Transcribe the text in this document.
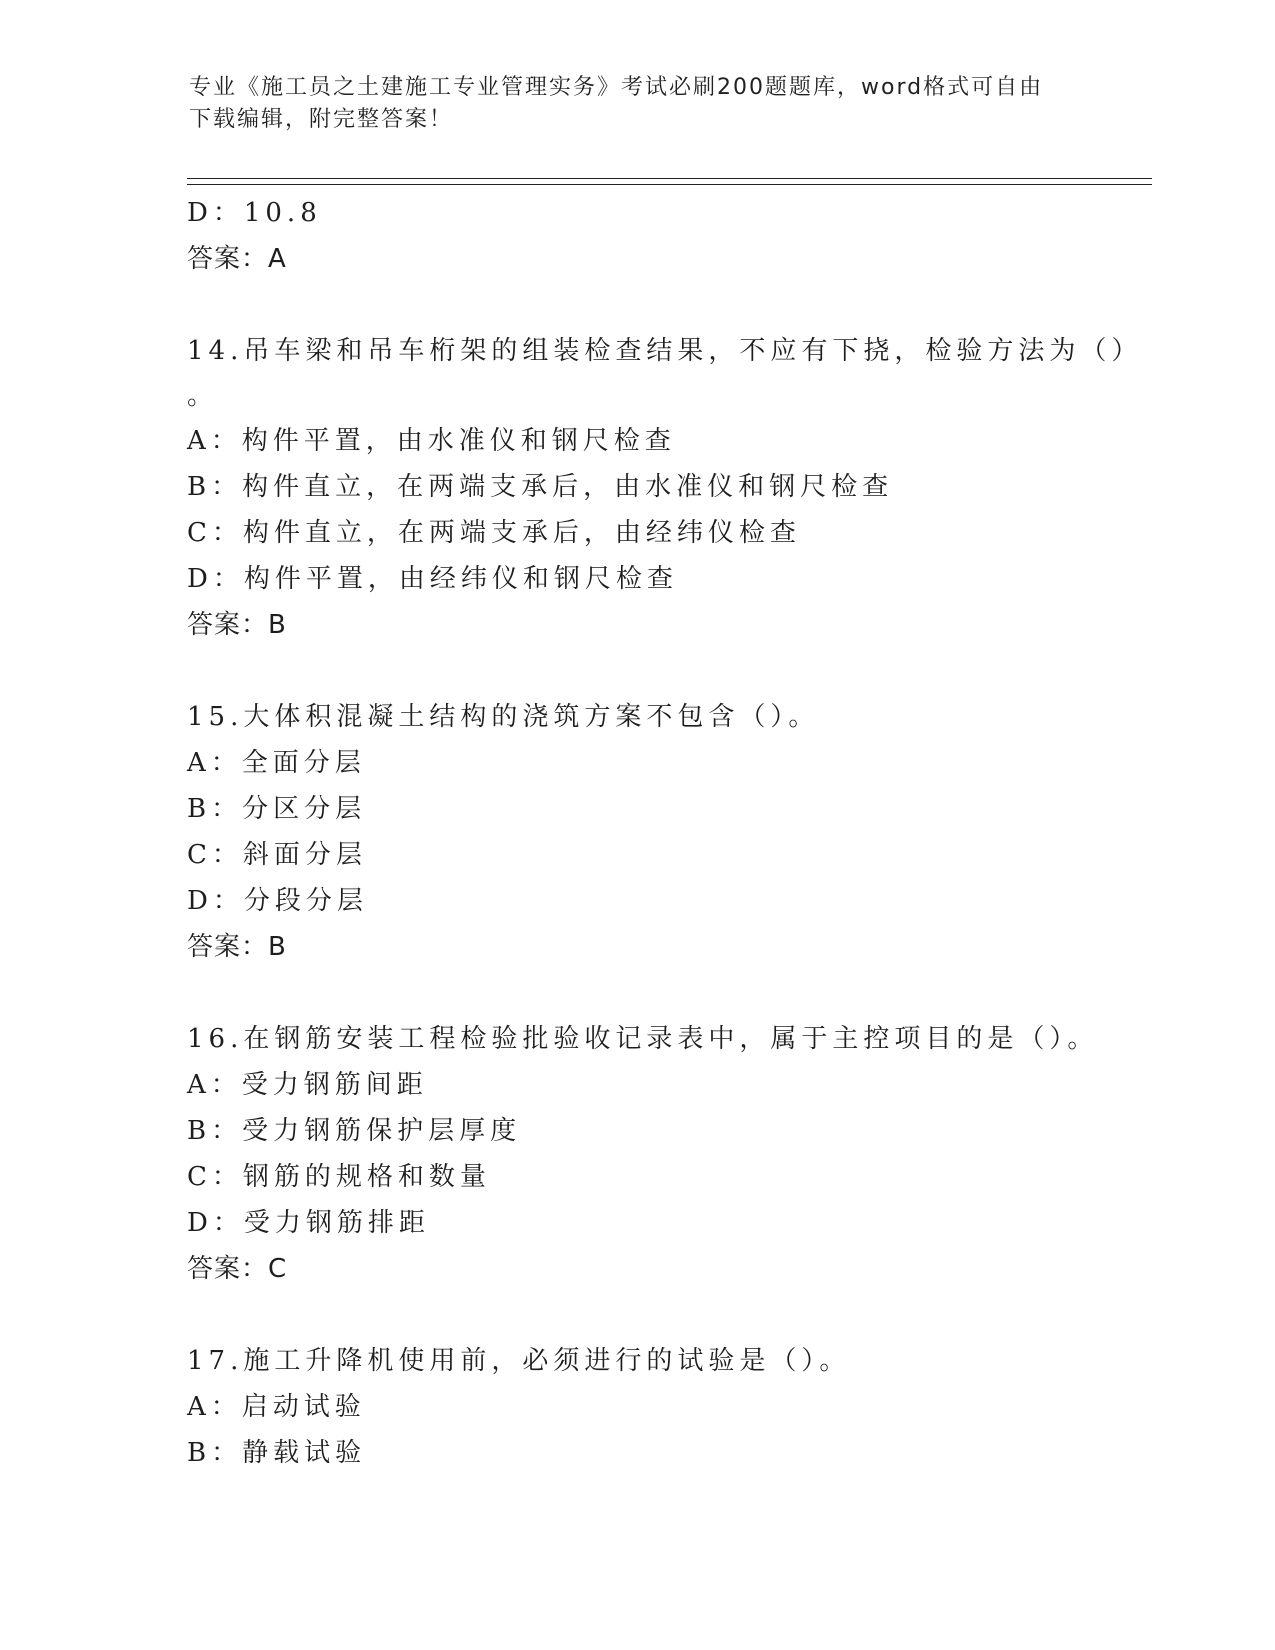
专业《施工员之土建施工专业管理实务》考试必刷200题题库，word格式可自由
下载编辑，附完整答案！
D：10.8
答案：A
14.吊车梁和吊车桁架的组装检查结果，不应有下挠，检验方法为（）
。
A：构件平置，由水准仪和钢尺检查
B：构件直立，在两端支承后，由水准仪和钢尺检查
C：构件直立，在两端支承后，由经纬仪检查
D：构件平置，由经纬仪和钢尺检查
答案：B
15.大体积混凝土结构的浇筑方案不包含（）。
A：全面分层
B：分区分层
C：斜面分层
D：分段分层
答案：B
16.在钢筋安装工程检验批验收记录表中，属于主控项目的是（）。
A：受力钢筋间距
B：受力钢筋保护层厚度
C：钢筋的规格和数量
D：受力钢筋排距
答案：C
17.施工升降机使用前，必须进行的试验是（）。
A：启动试验
B：静载试验
